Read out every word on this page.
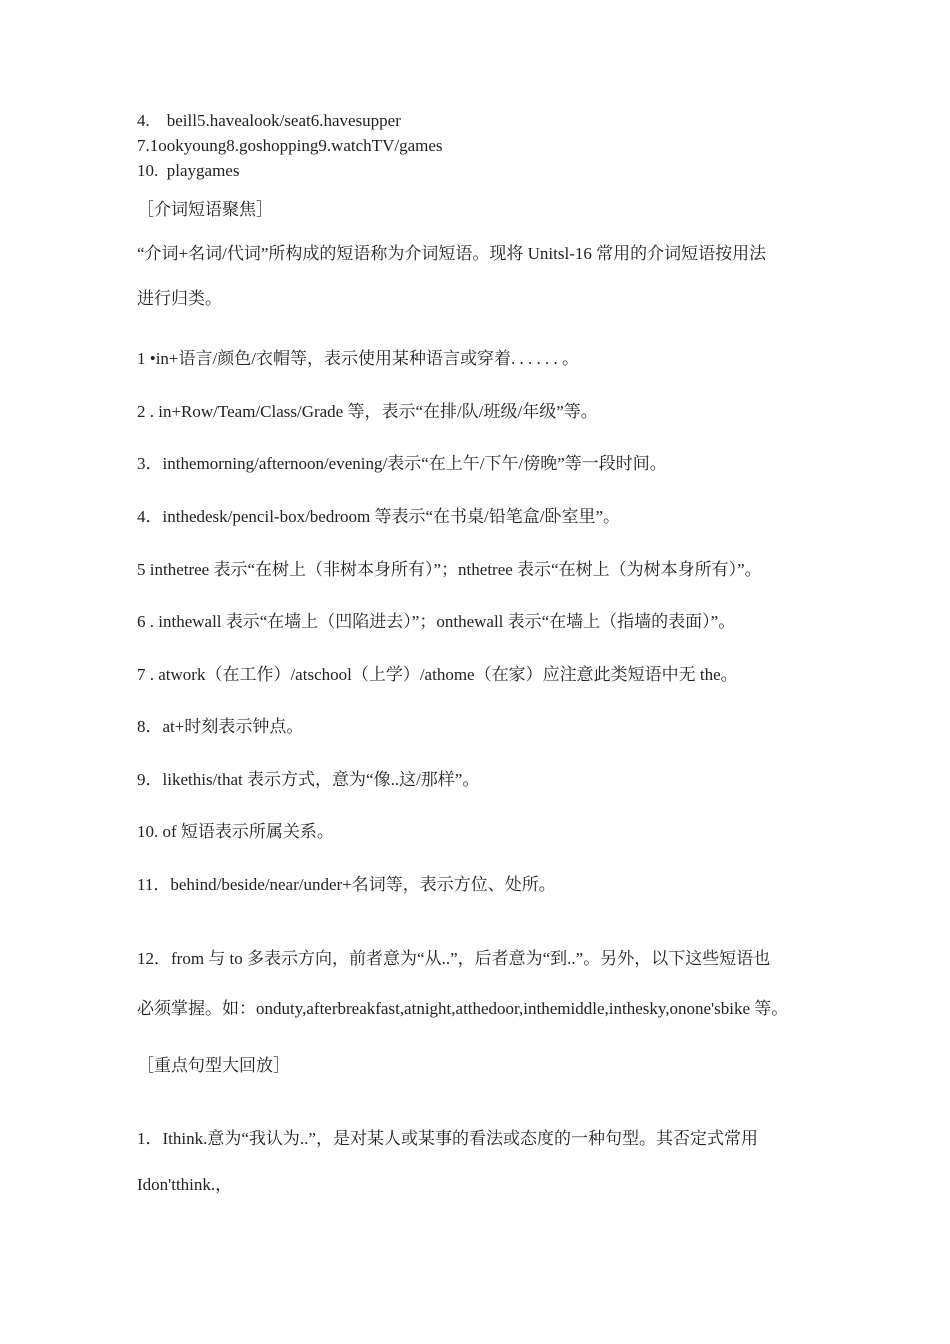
4.    beill5.havealook/seat6.havesupper
7.1ookyoung8.goshopping9.watchTV/games
10.  playgames
［介词短语聚焦］
“介词+名词/代词”所构成的短语称为介词短语。现将 Unitsl-16 常用的介词短语按用法
进行归类。
1 •in+语言/颜色/衣帽等，表示使用某种语言或穿着. . . . . . 。
2 . in+Row/Team/Class/Grade 等，表示“在排/队/班级/年级”等。
3．inthemorning/afternoon/evening/表示“在上午/下午/傍晚”等一段时间。
4．inthedesk/pencil-box/bedroom 等表示“在书桌/铅笔盒/卧室里”。
5 inthetree 表示“在树上（非树本身所有）”；nthetree 表示“在树上（为树本身所有）”。
6 . inthewall 表示“在墙上（凹陷进去）”；onthewall 表示“在墙上（指墙的表面）”。
7 . atwork（在工作）/atschool（上学）/athome（在家）应注意此类短语中无 the。
8．at+时刻表示钟点。
9．likethis/that 表示方式，意为“像..这/那样”。
10. of 短语表示所属关系。
11．behind/beside/near/under+名词等，表示方位、处所。
12．from 与 to 多表示方向，前者意为“从..”，后者意为“到..”。另外，以下这些短语也
必须掌握。如：onduty,afterbreakfast,atnight,atthedoor,inthemiddle,inthesky,onone'sbike 等。
［重点句型大回放］
1．Ithink.意为“我认为..”，是对某人或某事的看法或态度的一种句型。其否定式常用
Idon'tthink.，
